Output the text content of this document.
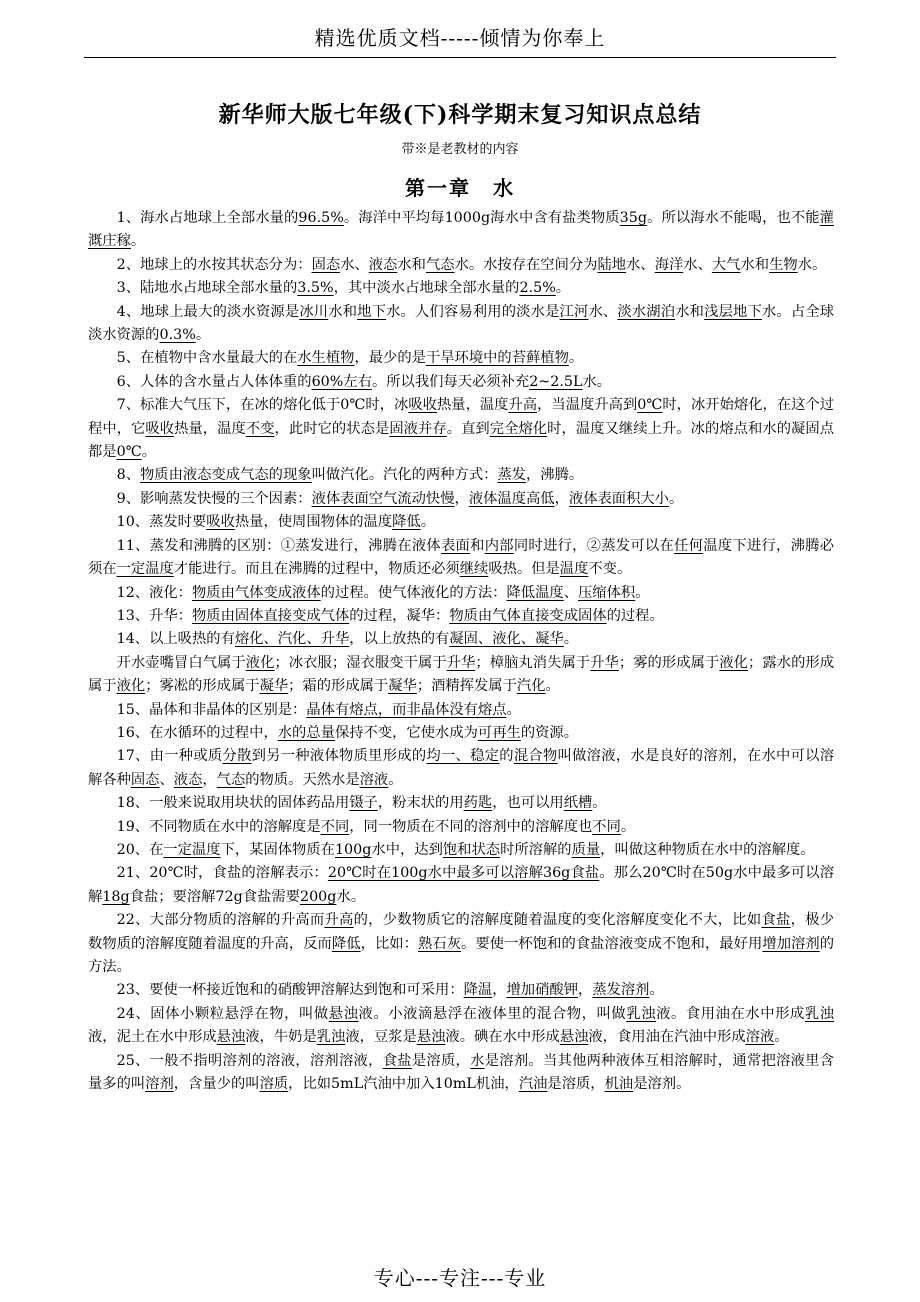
精选优质文档-----倾情为你奉上
新华师大版七年级(下)科学期末复习知识点总结
带※是老教材的内容
第一章　水

1、海水占地球上全部水量的96.5%。海洋中平均每1000g海水中含有盐类物质35g。所以海水不能喝，也不能灌溉庄稼。

2、地球上的水按其状态分为：固态水、液态水和气态水。水按存在空间分为陆地水、海洋水、大气水和生物水。

3、陆地水占地球全部水量的3.5%，其中淡水占地球全部水量的2.5%。

4、地球上最大的淡水资源是冰川水和地下水。人们容易利用的淡水是江河水、淡水湖泊水和浅层地下水。占全球淡水资源的0.3%。

5、在植物中含水量最大的在水生植物，最少的是干旱环境中的苔藓植物。

6、人体的含水量占人体体重的60%左右。所以我们每天必须补充2~2.5L水。

7、标准大气压下，在冰的熔化低于0℃时，冰吸收热量，温度升高，当温度升高到0℃时，冰开始熔化，在这个过程中，它吸收热量，温度不变，此时它的状态是固液并存。直到完全熔化时，温度又继续上升。冰的熔点和水的凝固点都是0℃。

8、物质由液态变成气态的现象叫做汽化。汽化的两种方式：蒸发，沸腾。

9、影响蒸发快慢的三个因素：液体表面空气流动快慢，液体温度高低，液体表面积大小。

10、蒸发时要吸收热量，使周围物体的温度降低。

11、蒸发和沸腾的区别：①蒸发进行，沸腾在液体表面和内部同时进行，②蒸发可以在任何温度下进行，沸腾必须在一定温度才能进行。而且在沸腾的过程中，物质还必须继续吸热。但是温度不变。

12、液化：物质由气体变成液体的过程。使气体液化的方法：降低温度、压缩体积。

13、升华：物质由固体直接变成气体的过程，凝华：物质由气体直接变成固体的过程。

14、以上吸热的有熔化、汽化、升华，以上放热的有凝固、液化、凝华。

开水壶嘴冒白气属于液化；冰衣服；湿衣服变干属于升华；樟脑丸消失属于升华；雾的形成属于液化；露水的形成属于液化；雾凇的形成属于凝华；霜的形成属于凝华；酒精挥发属于汽化。

15、晶体和非晶体的区别是：晶体有熔点，而非晶体没有熔点。

16、在水循环的过程中，水的总量保持不变，它使水成为可再生的资源。

17、由一种或质分散到另一种液体物质里形成的均一、稳定的混合物叫做溶液，水是良好的溶剂，在水中可以溶解各种固态、液态，气态的物质。天然水是溶液。

18、一般来说取用块状的固体药品用镊子，粉末状的用药匙，也可以用纸槽。

19、不同物质在水中的溶解度是不同，同一物质在不同的溶剂中的溶解度也不同。

20、在一定温度下，某固体物质在100g水中，达到饱和状态时所溶解的质量，叫做这种物质在水中的溶解度。

21、20℃时，食盐的溶解表示：20℃时在100g水中最多可以溶解36g食盐。那么20℃时在50g水中最多可以溶解18g食盐；要溶解72g食盐需要200g水。

22、大部分物质的溶解的升高而升高的，少数物质它的溶解度随着温度的变化溶解度变化不大，比如食盐，极少数物质的溶解度随着温度的升高，反而降低，比如：熟石灰。要使一杯饱和的食盐溶液变成不饱和，最好用增加溶剂的方法。

23、要使一杯接近饱和的硝酸钾溶解达到饱和可采用：降温，增加硝酸钾，蒸发溶剂。

24、固体小颗粒悬浮在物，叫做悬浊液。小液滴悬浮在液体里的混合物，叫做乳浊液。食用油在水中形成乳浊液，泥土在水中形成悬浊液，牛奶是乳浊液，豆浆是悬浊液。碘在水中形成悬浊液，食用油在汽油中形成溶液。

25、一般不指明溶剂的溶液，溶剂溶液，食盐是溶质，水是溶剂。当其他两种液体互相溶解时，通常把溶液里含量多的叫溶剂，含量少的叫溶质，比如5mL汽油中加入10mL机油，汽油是溶质，机油是溶剂。

专心---专注---专业
